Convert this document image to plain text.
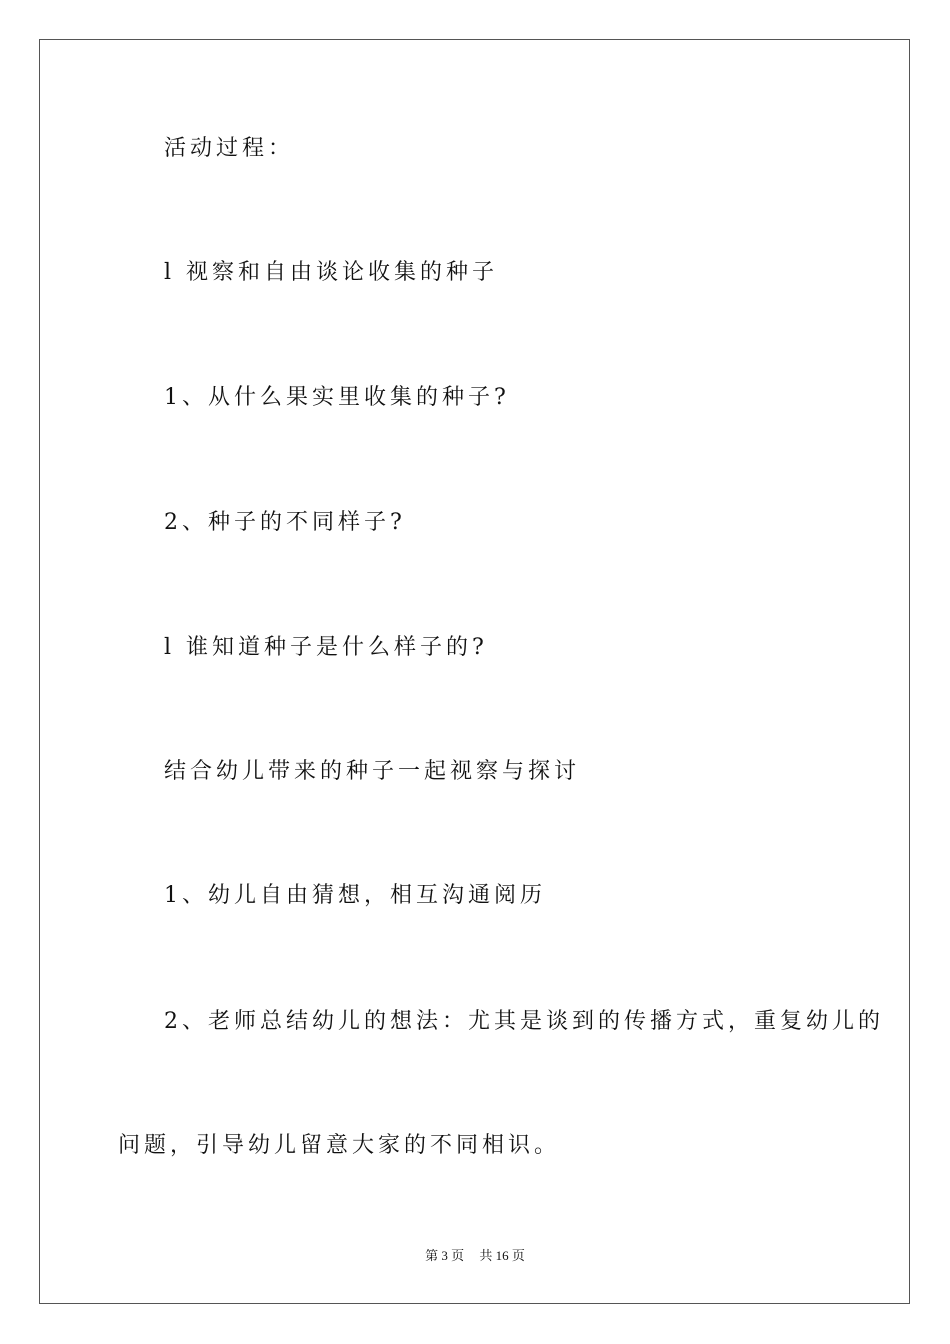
活动过程：
l 视察和自由谈论收集的种子
1、从什么果实里收集的种子?
2、种子的不同样子?
l 谁知道种子是什么样子的?
结合幼儿带来的种子一起视察与探讨
1、幼儿自由猜想，相互沟通阅历
2、老师总结幼儿的想法：尤其是谈到的传播方式，重复幼儿的
问题，引导幼儿留意大家的不同相识。
第 3 页 共 16 页
